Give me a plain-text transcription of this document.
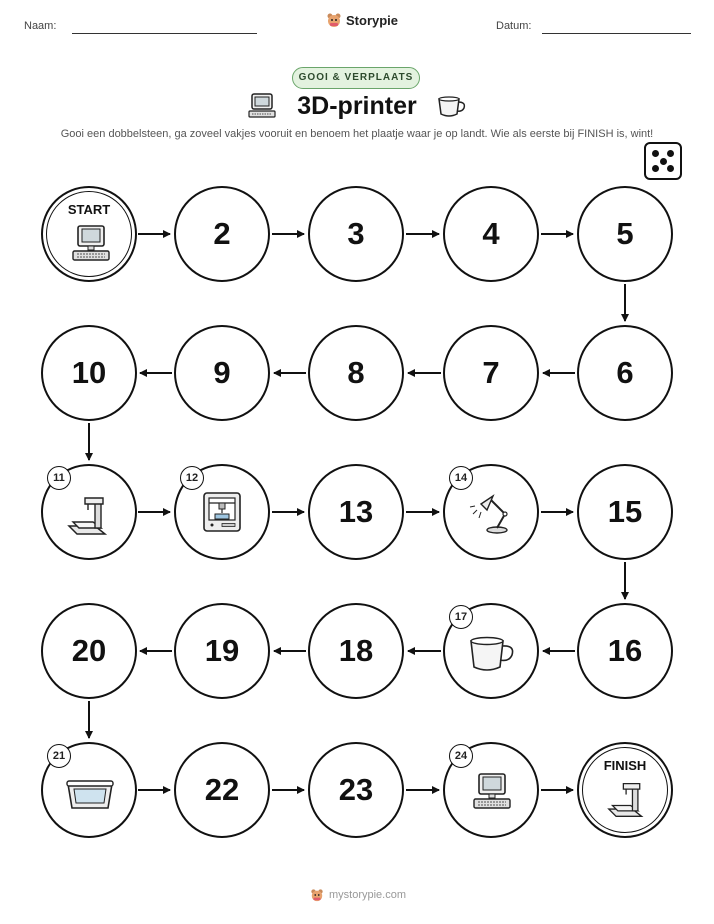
Naam:	Storypie	Datum:
GOOI & VERPLAATS
3D-printer
Gooi een dobbelsteen, ga zoveel vakjes vooruit en benoem het plaatje waar je op landt. Wie als eerste bij FINISH is, wint!
START
2	3	4	5
6
7
8
9
10
11	12
13
14
15
16
17
18
19
20
21
22	23
24
FINISH
mystorypie.com
